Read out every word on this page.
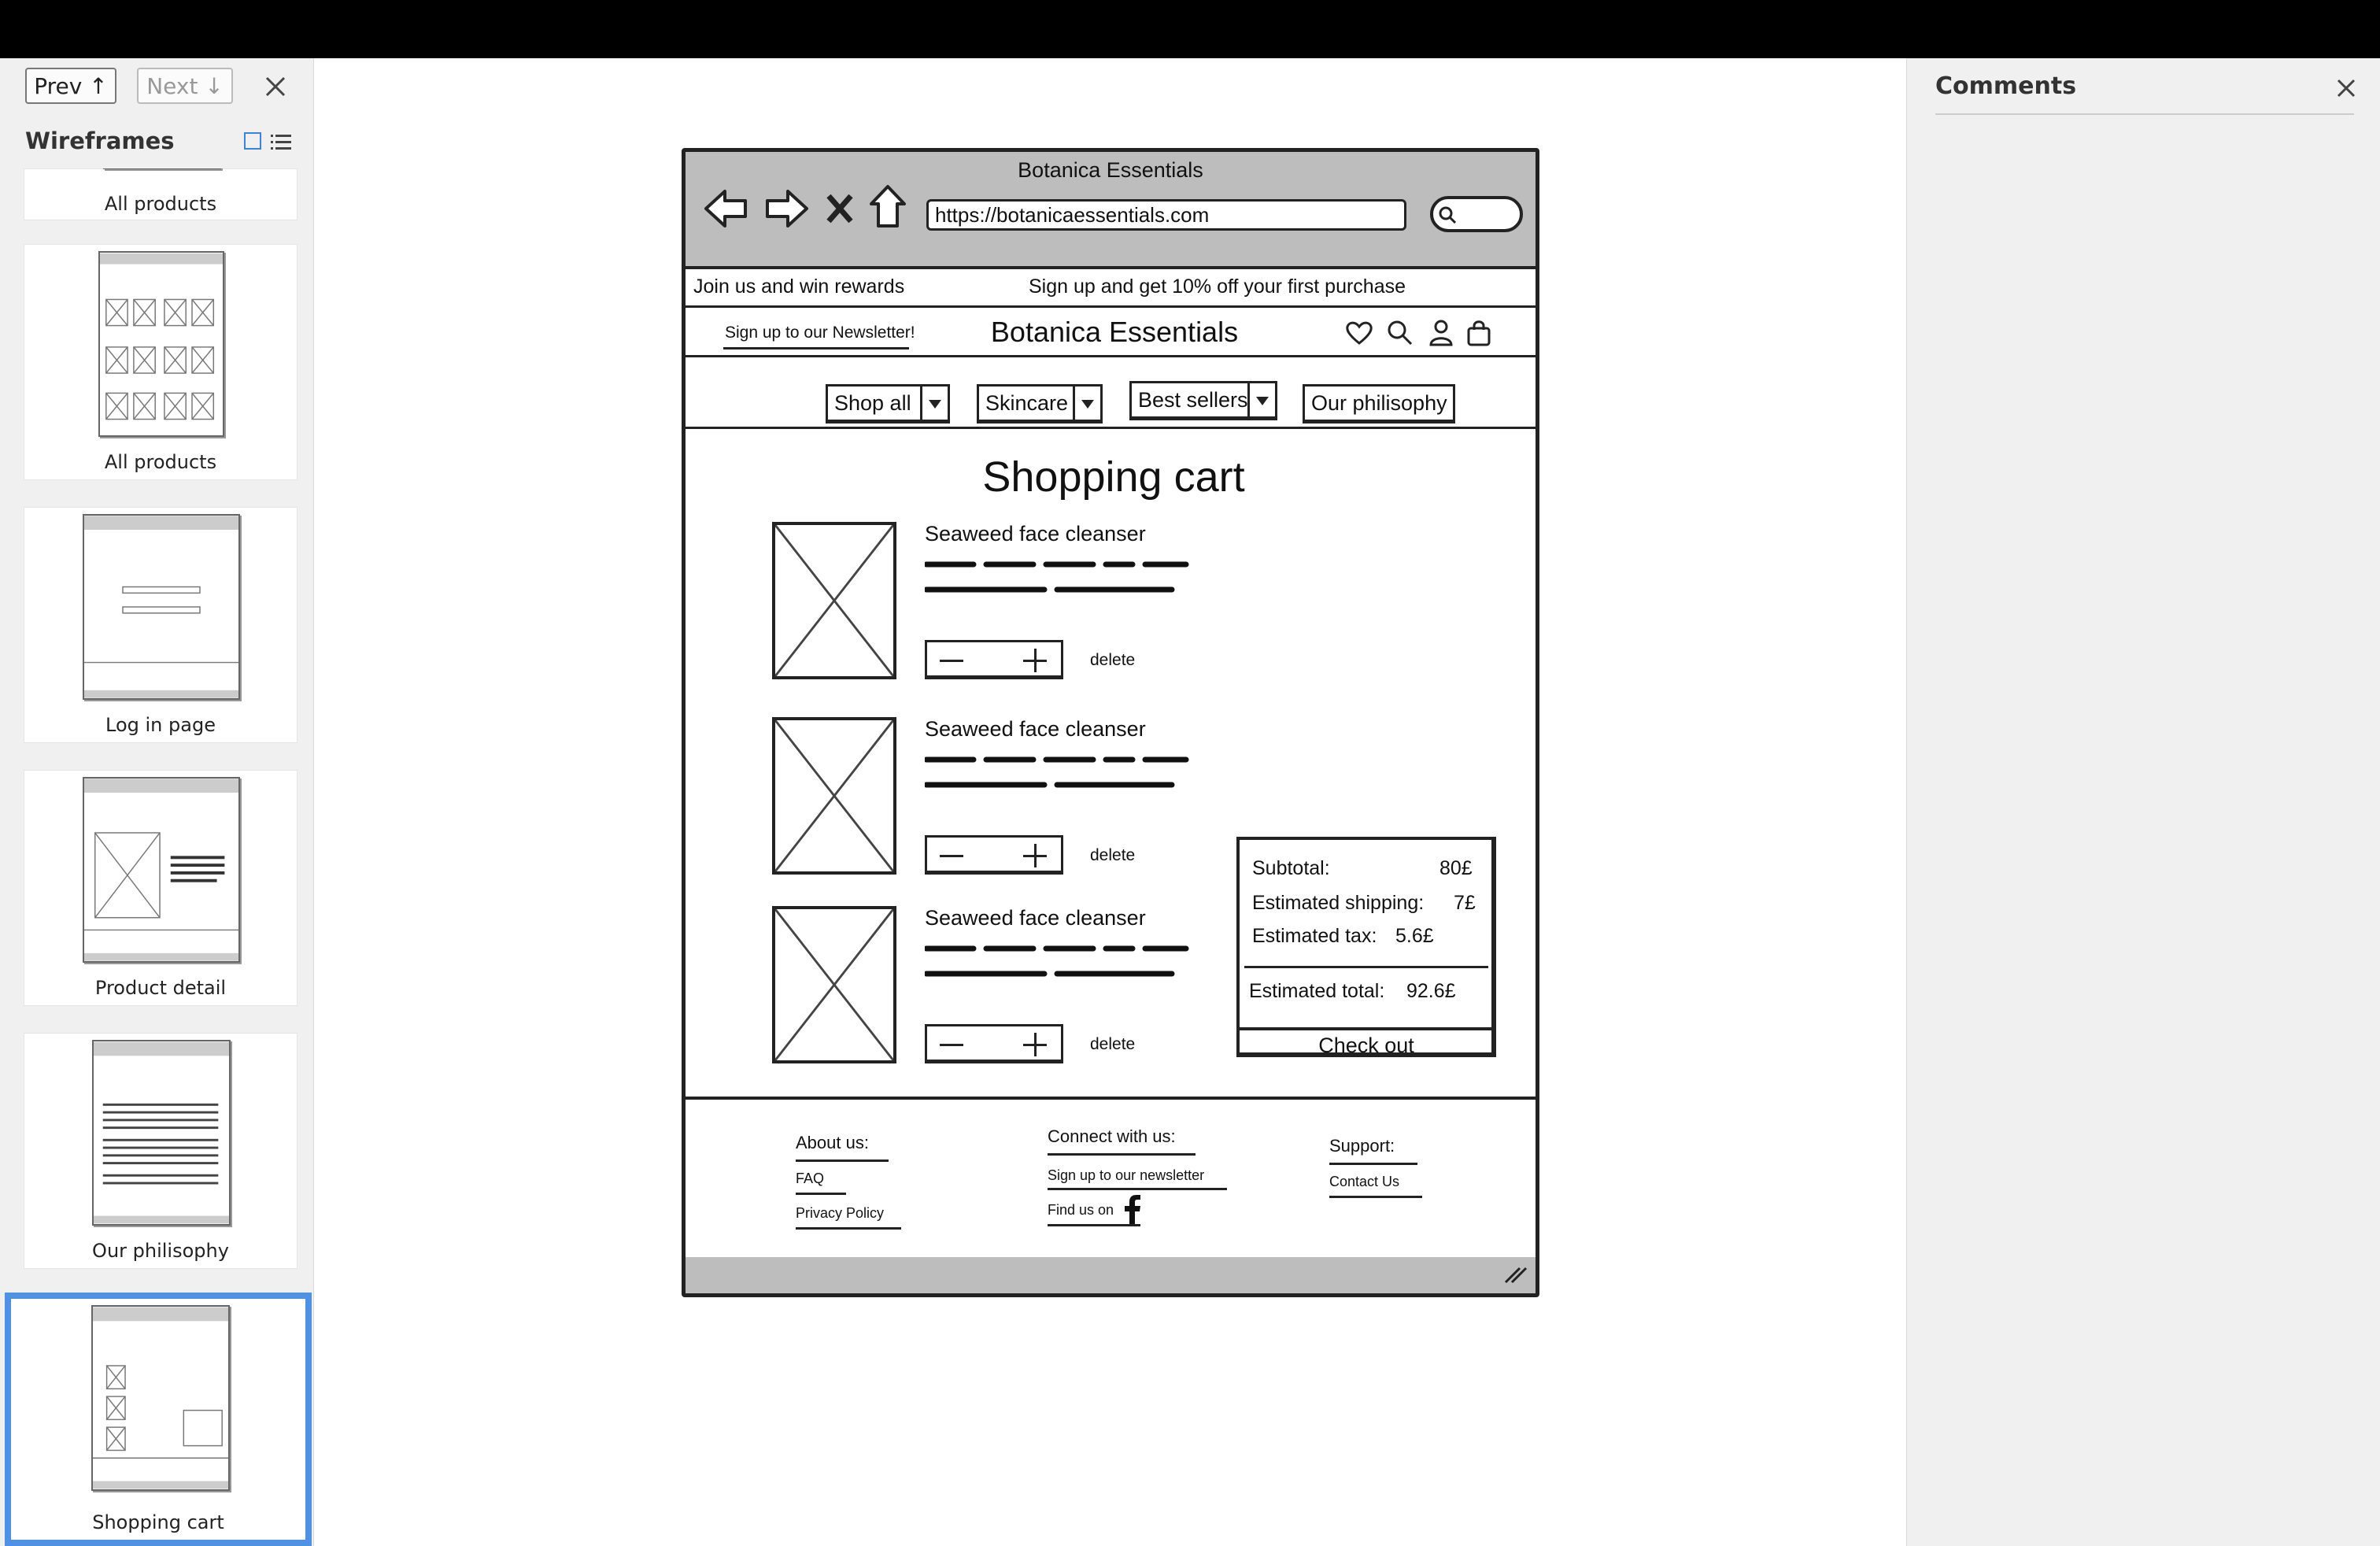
Prev ↑	Next ↓
Wireframes
All products
All products
Log in page
Product detail
Our philisophy
Shopping cart
Comments
Botanica Essentials
https://botanicaessentials.com
Join us and win rewards	Sign up and get 10% off your first purchase
Sign up to our Newsletter!	Botanica Essentials
Shop all	Skincare	Best sellers	Our philisophy
Shopping cart
Seaweed face cleanser
delete
Seaweed face cleanser
delete
Seaweed face cleanser
delete
Subtotal:	80£
Estimated shipping: 7£
Estimated tax: 5.6£
Estimated total: 92.6£
Check out
About us:
FAQ
Privacy Policy
Connect with us:
Sign up to our newsletter
Find us on
Support:
Contact Us
